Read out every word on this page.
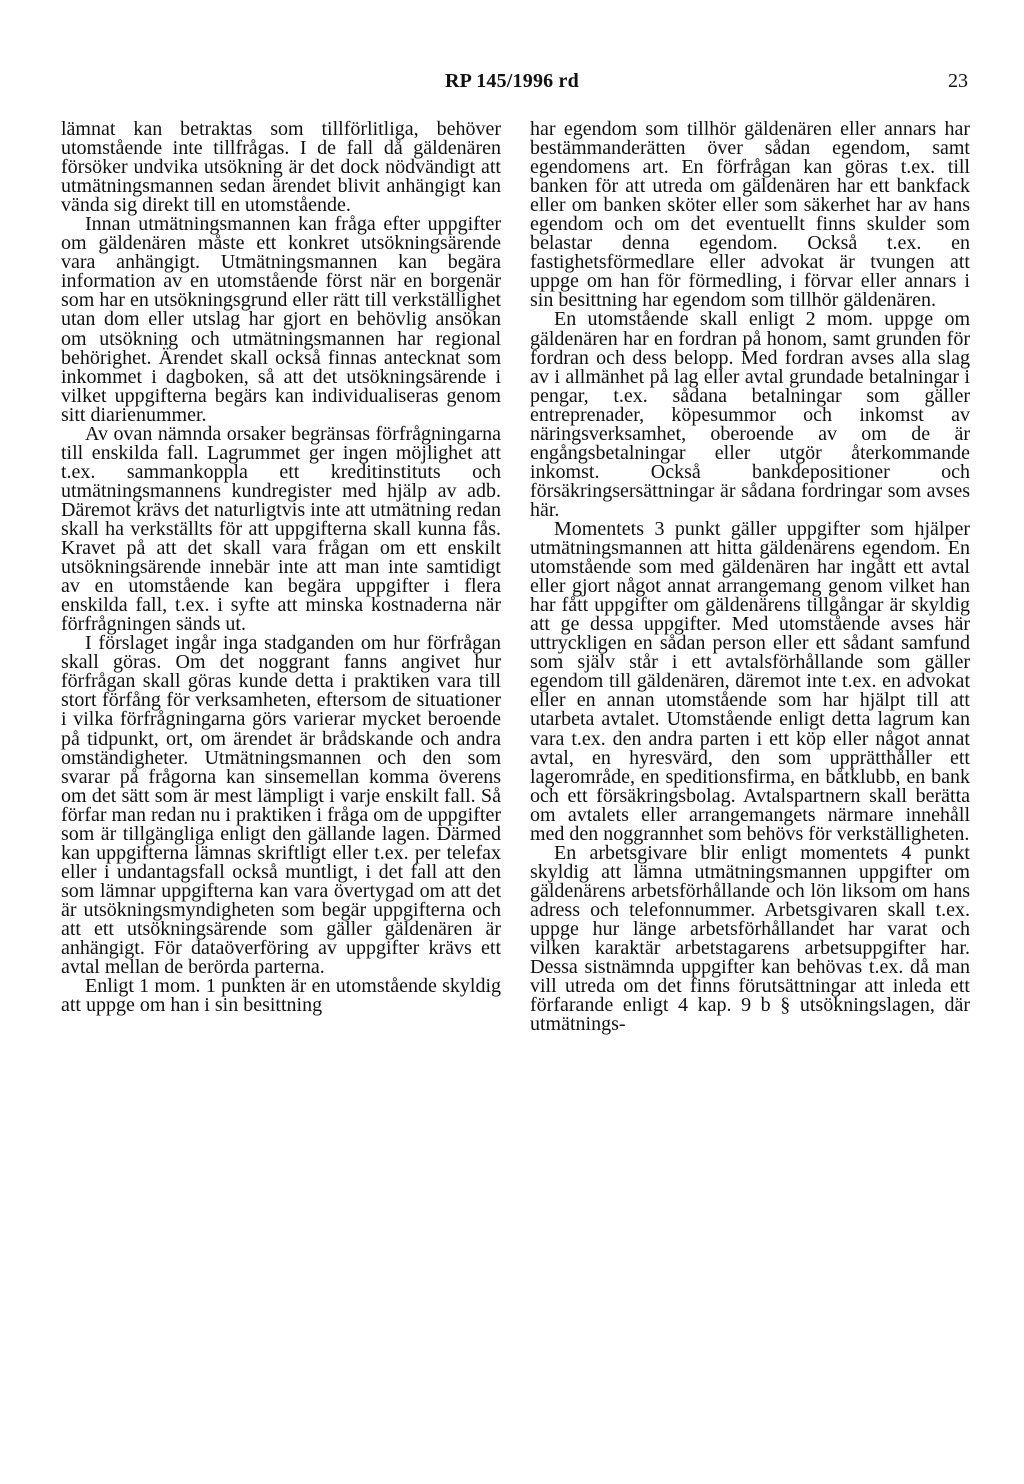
RP 145/1996 rd	23

lämnat kan betraktas som tillförlitliga, behöver utomstående inte tillfrågas. I de fall då gäldenären försöker undvika utsökning är det dock nödvändigt att utmätningsmannen sedan ärendet blivit anhängigt kan vända sig direkt till en utomstående.

Innan utmätningsmannen kan fråga efter uppgifter om gäldenären måste ett konkret utsökningsärende vara anhängigt. Utmätningsmannen kan begära information av en utomstående först när en borgenär som har en utsökningsgrund eller rätt till verkställighet utan dom eller utslag har gjort en behövlig ansökan om utsökning och utmätningsmannen har regional behörighet. Ärendet skall också finnas antecknat som inkommet i dagboken, så att det utsökningsärende i vilket uppgifterna begärs kan individualiseras genom sitt diarienummer.

Av ovan nämnda orsaker begränsas förfrågningarna till enskilda fall. Lagrummet ger ingen möjlighet att t.ex. sammankoppla ett kreditinstituts och utmätningsmannens kundregister med hjälp av adb. Däremot krävs det naturligtvis inte att utmätning redan skall ha verkställts för att uppgifterna skall kunna fås. Kravet på att det skall vara frågan om ett enskilt utsökningsärende innebär inte att man inte samtidigt av en utomstående kan begära uppgifter i flera enskilda fall, t.ex. i syfte att minska kostnaderna när förfrågningen sänds ut.

I förslaget ingår inga stadganden om hur förfrågan skall göras. Om det noggrant fanns angivet hur förfrågan skall göras kunde detta i praktiken vara till stort förfång för verksamheten, eftersom de situationer i vilka förfrågningarna görs varierar mycket beroende på tidpunkt, ort, om ärendet är brådskande och andra omständigheter. Utmätningsmannen och den som svarar på frågorna kan sinsemellan komma överens om det sätt som är mest lämpligt i varje enskilt fall. Så förfar man redan nu i praktiken i fråga om de uppgifter som är tillgängliga enligt den gällande lagen. Därmed kan uppgifterna lämnas skriftligt eller t.ex. per telefax eller i undantagsfall också muntligt, i det fall att den som lämnar uppgifterna kan vara övertygad om att det är utsökningsmyndigheten som begär uppgifterna och att ett utsökningsärende som gäller gäldenären är anhängigt. För dataöverföring av uppgifter krävs ett avtal mellan de berörda parterna.

Enligt 1 mom. 1 punkten är en utomstående skyldig att uppge om han i sin besittning

har egendom som tillhör gäldenären eller annars har bestämmanderätten över sådan egendom, samt egendomens art. En förfrågan kan göras t.ex. till banken för att utreda om gäldenären har ett bankfack eller om banken sköter eller som säkerhet har av hans egendom och om det eventuellt finns skulder som belastar denna egendom. Också t.ex. en fastighetsförmedlare eller advokat är tvungen att uppge om han för förmedling, i förvar eller annars i sin besittning har egendom som tillhör gäldenären.

En utomstående skall enligt 2 mom. uppge om gäldenären har en fordran på honom, samt grunden för fordran och dess belopp. Med fordran avses alla slag av i allmänhet på lag eller avtal grundade betalningar i pengar, t.ex. sådana betalningar som gäller entreprenader, köpesummor och inkomst av näringsverksamhet, oberoende av om de är engångsbetalningar eller utgör återkommande inkomst. Också bankdepositioner och försäkringsersättningar är sådana fordringar som avses här.

Momentets 3 punkt gäller uppgifter som hjälper utmätningsmannen att hitta gäldenärens egendom. En utomstående som med gäldenären har ingått ett avtal eller gjort något annat arrangemang genom vilket han har fått uppgifter om gäldenärens tillgångar är skyldig att ge dessa uppgifter. Med utomstående avses här uttryckligen en sådan person eller ett sådant samfund som själv står i ett avtalsförhållande som gäller egendom till gäldenären, däremot inte t.ex. en advokat eller en annan utomstående som har hjälpt till att utarbeta avtalet. Utomstående enligt detta lagrum kan vara t.ex. den andra parten i ett köp eller något annat avtal, en hyresvärd, den som upprätthåller ett lagerområde, en speditionsfirma, en båtklubb, en bank och ett försäkringsbolag. Avtalspartnern skall berätta om avtalets eller arrangemangets närmare innehåll med den noggrannhet som behövs för verkställigheten.

En arbetsgivare blir enligt momentets 4 punkt skyldig att lämna utmätningsmannen uppgifter om gäldenärens arbetsförhållande och lön liksom om hans adress och telefonnummer. Arbetsgivaren skall t.ex. uppge hur länge arbetsförhållandet har varat och vilken karaktär arbetstagarens arbetsuppgifter har. Dessa sistnämnda uppgifter kan behövas t.ex. då man vill utreda om det finns förutsättningar att inleda ett förfarande enligt 4 kap. 9 b § utsökningslagen, där utmätnings-
